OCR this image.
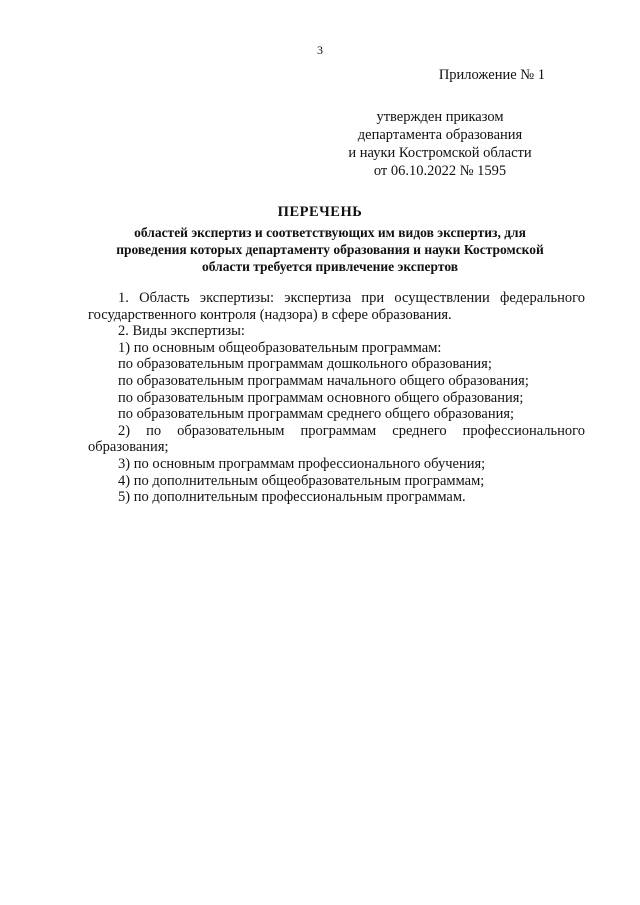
3
Приложение № 1
утвержден приказом
департамента образования
и науки Костромской области
от 06.10.2022 № 1595
ПЕРЕЧЕНЬ
областей экспертиз и соответствующих им видов экспертиз, для
проведения которых департаменту образования и науки Костромской
области требуется привлечение экспертов
1. Область экспертизы: экспертиза при осуществлении федерального
государственного контроля (надзора) в сфере образования.
2. Виды экспертизы:
1) по основным общеобразовательным программам:
по образовательным программам дошкольного образования;
по образовательным программам начального общего образования;
по образовательным программам основного общего образования;
по образовательным программам среднего общего образования;
2) по образовательным программам среднего профессионального
образования;
3) по основным программам профессионального обучения;
4) по дополнительным общеобразовательным программам;
5) по дополнительным профессиональным программам.
